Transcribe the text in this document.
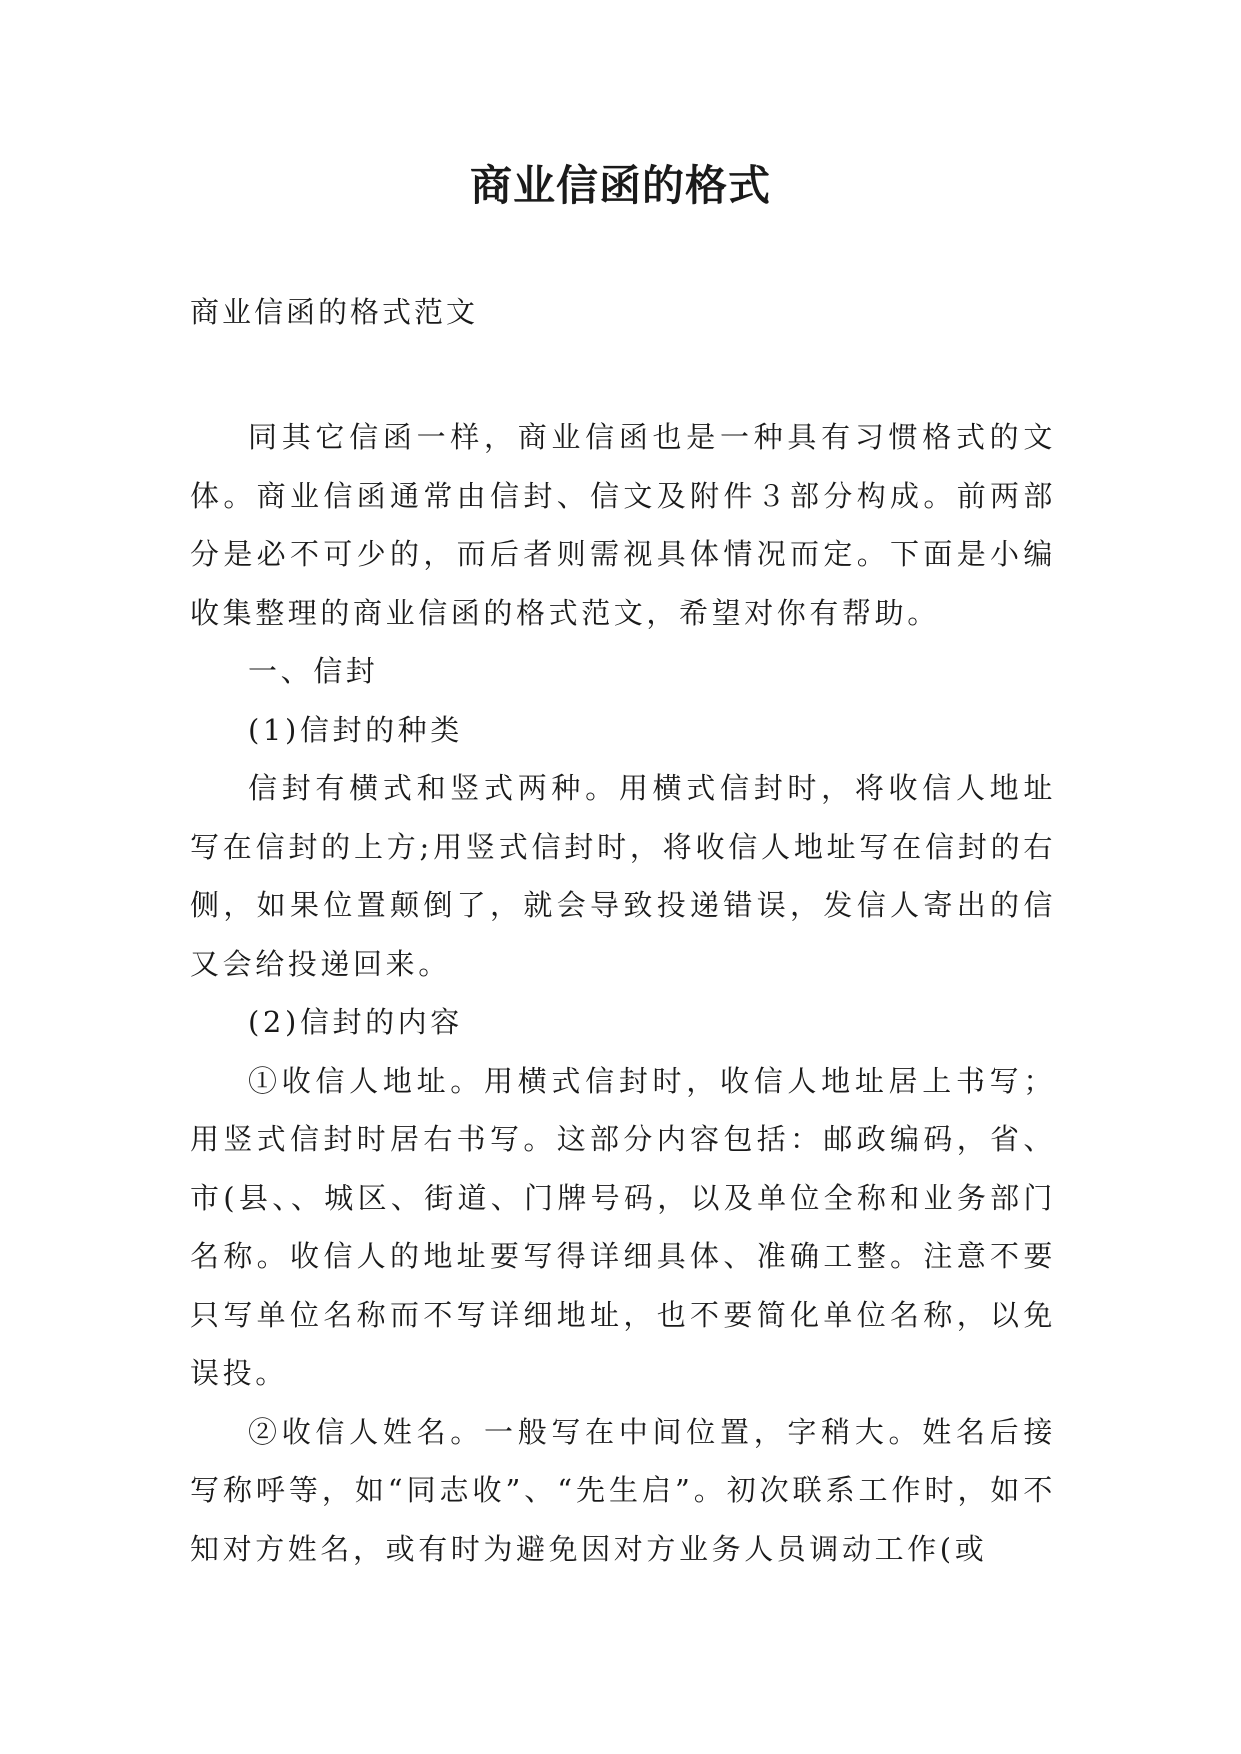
商业信函的格式

商业信函的格式范文

同其它信函一样，商业信函也是一种具有习惯格式的文体。商业信函通常由信封、信文及附件３部分构成。前两部分是必不可少的，而后者则需视具体情况而定。下面是小编收集整理的商业信函的格式范文，希望对你有帮助。

一、信封

(1)信封的种类

信封有横式和竖式两种。用横式信封时，将收信人地址写在信封的上方;用竖式信封时，将收信人地址写在信封的右侧，如果位置颠倒了，就会导致投递错误，发信人寄出的信又会给投递回来。

(2)信封的内容

①收信人地址。用横式信封时，收信人地址居上书写；用竖式信封时居右书写。这部分内容包括：邮政编码，省、市(县、、城区、街道、门牌号码，以及单位全称和业务部门名称。收信人的地址要写得详细具体、准确工整。注意不要只写单位名称而不写详细地址，也不要简化单位名称，以免误投。

②收信人姓名。一般写在中间位置，字稍大。姓名后接写称呼等，如“同志收”、“先生启”。初次联系工作时，如不知对方姓名，或有时为避免因对方业务人员调动工作(或
